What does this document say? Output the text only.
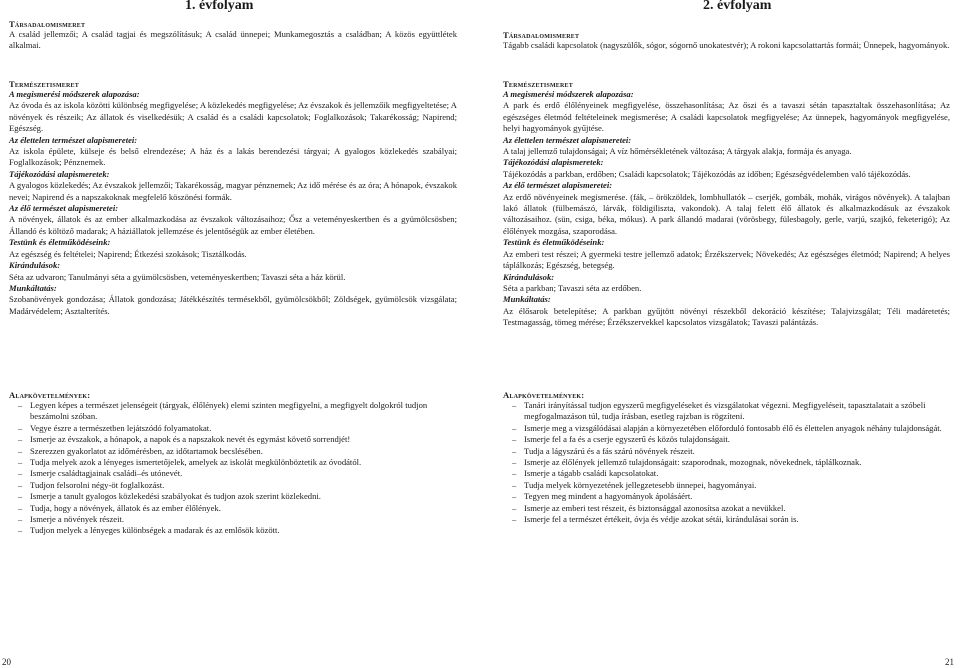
1. évfolyam
Társadalomismeret

A család jellemzői; A család tagjai és megszólításuk; A család ünnepei; Munkamegosztás a családban; A közös együttlétek alkalmai.

Természetismeret
A megismerési módszerek alapozása:

Az óvoda és az iskola közötti különbség megfigyelése; A közlekedés megfigyelése; Az évszakok és jellemzőik megfigyeltetése; A növények és részeik; Az állatok és viselkedésük; A család és a családi kapcsolatok; Foglalkozások; Takarékosság; Napirend; Egészség.

Az élettelen természet alapismeretei:

Az iskola épülete, külseje és belső elrendezése; A ház és a lakás berendezési tárgyai; A gyalogos közlekedés szabályai; Foglalkozások; Pénznemek.

Tájékozódási alapismeretek:

A gyalogos közlekedés; Az évszakok jellemzői; Takarékosság, magyar pénznemek; Az idő mérése és az óra; A hónapok, évszakok nevei; Napirend és a napszakoknak megfelelő köszönési formák.

Az élő természet alapismeretei:

A növények, állatok és az ember alkalmazkodása az évszakok változásaihoz; Ősz a veteményeskertben és a gyümölcsösben; Állandó és költöző madarak; A háziállatok jellemzése és jelentőségük az ember életében.

Testünk és életműködéseink:

Az egészség és feltételei; Napirend; Étkezési szokások; Tisztálkodás.

Kirándulások:

Séta az udvaron; Tanulmányi séta a gyümölcsösben, veteményeskertben; Tavaszi séta a ház körül.

Munkáltatás:

Szobanövények gondozása; Állatok gondozása; Játékkészítés termésekből, gyümölcsökből; Zöldségek, gyümölcsök vizsgálata; Madárvédelem; Asztalterítés.

Alapkövetelmények:
– Legyen képes a természet jelenségeit (tárgyak, élőlények) elemi szinten megfigyelni, a megfigyelt dolgokról tudjon beszámolni szóban.
– Vegye észre a természetben lejátszódó folyamatokat.
– Ismerje az évszakok, a hónapok, a napok és a napszakok nevét és egymást követő sorrendjét!
– Szerezzen gyakorlatot az időmérésben, az időtartamok becslésében.
– Tudja melyek azok a lényeges ismertetőjelek, amelyek az iskolát megkülönböztetik az óvodától.
– Ismerje családtagjainak családi–és utónevét.
– Tudjon felsorolni négy-öt foglalkozást.
– Ismerje a tanult gyalogos közlekedési szabályokat és tudjon azok szerint közlekedni.
– Tudja, hogy a növények, állatok és az ember élőlények.
– Ismerje a növények részeit.
– Tudjon melyek a lényeges különbségek a madarak és az emlősök között.
20
2. évfolyam
Társadalomismeret

Tágabb családi kapcsolatok (nagyszülők, sógor, sógornő unokatestvér); A rokoni kapcsolattartás formái; Ünnepek, hagyományok.

Természetismeret
A megismerési módszerek alapozása:

A park és erdő élőlényeinek megfigyelése, összehasonlítása; Az őszi és a tavaszi sétán tapasztaltak összehasonlítása; Az egészséges életmód feltételeinek megismerése; A családi kapcsolatok megfigyelése; Az ünnepek, hagyományok megfigyelése, helyi hagyományok gyűjtése.

Az élettelen természet alapismeretei:

A talaj jellemző tulajdonságai; A víz hőmérsékletének változása; A tárgyak alakja, formája és anyaga.

Tájékozódási alapismeretek:

Tájékozódás a parkban, erdőben; Családi kapcsolatok; Tájékozódás az időben; Egészségvédelemben való tájékozódás.

Az élő természet alapismeretei:

Az erdő növényeinek megismerése. (fák, – örökzöldek, lombhullatók – cserjék, gombák, mohák, virágos növények). A talajban lakó állatok (fülbemászó, lárvák, földigiliszta, vakondok). A talaj felett élő állatok és alkalmazkodásuk az évszakok változásaihoz. (sün, csiga, béka, mókus). A park állandó madarai (vörösbegy, fülesbagoly, gerle, varjú, szajkó, feketerigó); Az élőlények mozgása, szaporodása.

Testünk és életműködéseink:

Az emberi test részei; A gyermeki testre jellemző adatok; Érzékszervek; Növekedés; Az egészséges életmód; Napirend; A helyes táplálkozás; Egészség, betegség.

Kirándulások:

Séta a parkban; Tavaszi séta az erdőben.

Munkáltatás:

Az élősarok betelepítése; A parkban gyűjtött növényi részekből dekoráció készítése; Talajvizsgálat; Téli madáretetés; Testmagasság, tömeg mérése; Érzékszervekkel kapcsolatos vizsgálatok; Tavaszi palántázás.

Alapkövetelmények:
– Tanári irányítással tudjon egyszerű megfigyeléseket és vizsgálatokat végezni. Megfigyeléseit, tapasztalatait a szóbeli megfogalmazáson túl, tudja írásban, esetleg rajzban is rögzíteni.
– Ismerje meg a vizsgálódásai alapján a környezetében előforduló fontosabb élő és élettelen anyagok néhány tulajdonságát.
– Ismerje fel a fa és a cserje egyszerű és közös tulajdonságait.
– Tudja a lágyszárú és a fás szárú növények részeit.
– Ismerje az élőlények jellemző tulajdonságait: szaporodnak, mozognak, növekednek, táplálkoznak.
– Ismerje a tágabb családi kapcsolatokat.
– Tudja melyek környezetének jellegzetesebb ünnepei, hagyományai.
– Tegyen meg mindent a hagyományok ápolásáért.
– Ismerje az emberi test részeit, és biztonsággal azonosítsa azokat a nevükkel.
– Ismerje fel a természet értékeit, óvja és védje azokat sétái, kirándulásai során is.
21
